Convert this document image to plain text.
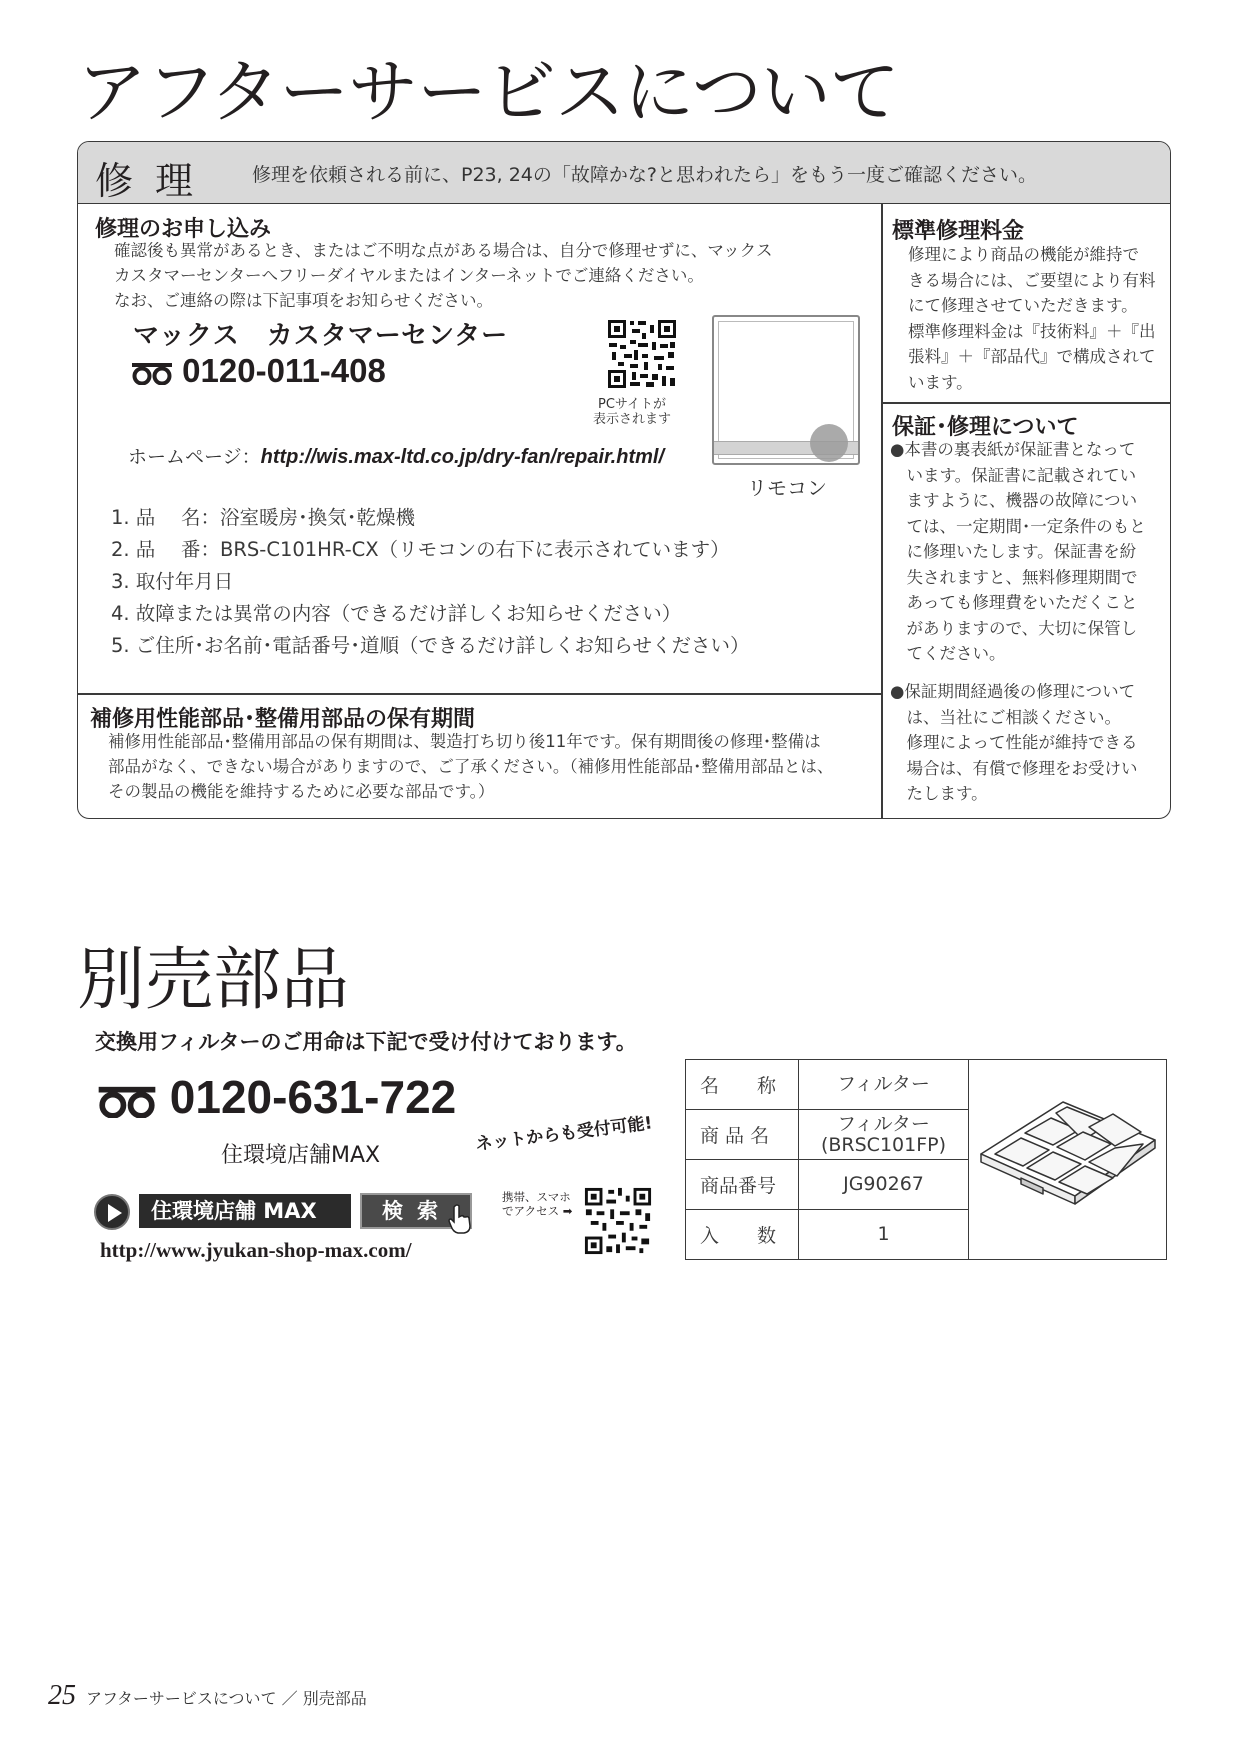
アフターサービスについて
修理 修理を依頼される前に、P23, 24の「故障かな?と思われたら」をもう一度ご確認ください。
修理のお申し込み
確認後も異常があるとき、またはご不明な点がある場合は、自分で修理せずに、マックス
カスタマーセンターへフリーダイヤルまたはインターネットでご連絡ください。
なお、ご連絡の際は下記事項をお知らせください。
マックス　カスタマーセンター
0120-011-408
PCサイトが
表示されます
リモコン
ホームページ：http://wis.max-ltd.co.jp/dry-fan/repair.html/
1. 品　 名：浴室暖房･換気･乾燥機
2. 品　 番：BRS-C101HR-CX（リモコンの右下に表示されています）
3. 取付年月日
4. 故障または異常の内容（できるだけ詳しくお知らせください）
5. ご住所･お名前･電話番号･道順（できるだけ詳しくお知らせください）
補修用性能部品･整備用部品の保有期間
補修用性能部品･整備用部品の保有期間は、製造打ち切り後11年です。保有期間後の修理･整備は
部品がなく、できない場合がありますので、ご了承ください。（補修用性能部品･整備用部品とは、
その製品の機能を維持するために必要な部品です。）
標準修理料金
修理により商品の機能が維持で
きる場合には、ご要望により有料
にて修理させていただきます。
標準修理料金は『技術料』＋『出
張料』＋『部品代』で構成されて
います。
保証･修理について
●本書の裏表紙が保証書となって
　います。保証書に記載されてい
　ますように、機器の故障につい
　ては、一定期間･一定条件のもと
　に修理いたします。保証書を紛
　失されますと、無料修理期間で
　あっても修理費をいただくこと
　がありますので、大切に保管し
　てください。
●保証期間経過後の修理について
　は、当社にご相談ください。
　修理によって性能が維持できる
　場合は、有償で修理をお受けい
　たします。
別売部品
交換用フィルターのご用命は下記で受け付けております。
0120-631-722
住環境店舗MAX
ネットからも受付可能!
住環境店舗 MAX	検索
携帯、スマホ
でアクセス ➡
http://www.jyukan-shop-max.com/
名　　称	フィルター	
商 品 名	フィルター
(BRSC101FP)	

商品番号	JG90267	
入　　数	1	
25 アフターサービスについて ／ 別売部品
